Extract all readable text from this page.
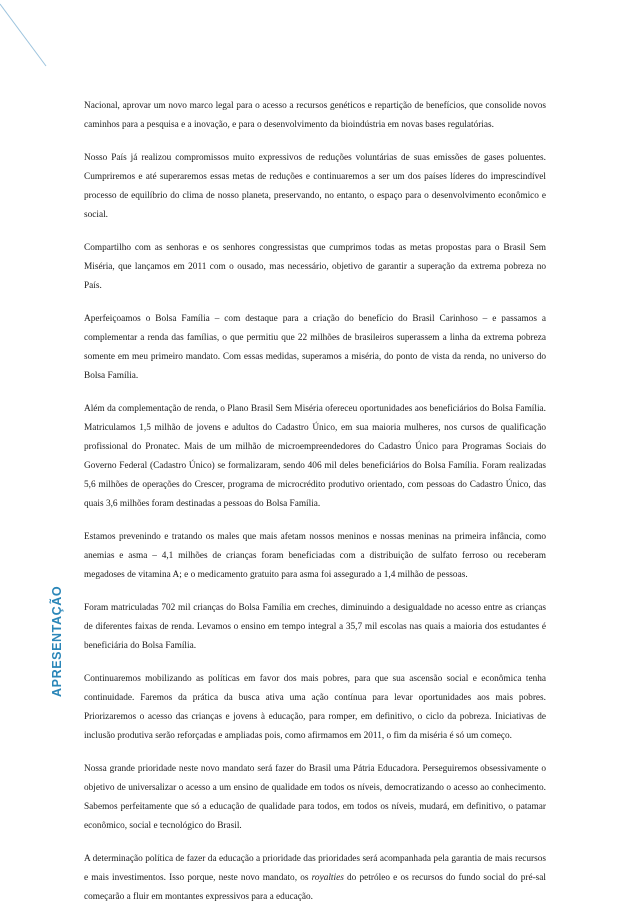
APRESENTAÇÃO

Nacional, aprovar um novo marco legal para o acesso a recursos genéticos e repartição de benefícios, que consolide novos caminhos para a pesquisa e a inovação, e para o desenvolvimento da bioindústria em novas bases regulatórias.

Nosso País já realizou compromissos muito expressivos de reduções voluntárias de suas emissões de gases poluentes. Cumpriremos e até superaremos essas metas de reduções e continuaremos a ser um dos países líderes do imprescindível processo de equilíbrio do clima de nosso planeta, preservando, no entanto, o espaço para o desenvolvimento econômico e social.

Compartilho com as senhoras e os senhores congressistas que cumprimos todas as metas propostas para o Brasil Sem Miséria, que lançamos em 2011 com o ousado, mas necessário, objetivo de garantir a superação da extrema pobreza no País.

Aperfeiçoamos o Bolsa Família – com destaque para a criação do benefício do Brasil Carinhoso – e passamos a complementar a renda das famílias, o que permitiu que 22 milhões de brasileiros superassem a linha da extrema pobreza somente em meu primeiro mandato. Com essas medidas, superamos a miséria, do ponto de vista da renda, no universo do Bolsa Família.

Além da complementação de renda, o Plano Brasil Sem Miséria ofereceu oportunidades aos beneficiários do Bolsa Família. Matriculamos 1,5 milhão de jovens e adultos do Cadastro Único, em sua maioria mulheres, nos cursos de qualificação profissional do Pronatec. Mais de um milhão de microempreendedores do Cadastro Único para Programas Sociais do Governo Federal (Cadastro Único) se formalizaram, sendo 406 mil deles beneficiários do Bolsa Família. Foram realizadas 5,6 milhões de operações do Crescer, programa de microcrédito produtivo orientado, com pessoas do Cadastro Único, das quais 3,6 milhões foram destinadas a pessoas do Bolsa Família.

Estamos prevenindo e tratando os males que mais afetam nossos meninos e nossas meninas na primeira infância, como anemias e asma – 4,1 milhões de crianças foram beneficiadas com a distribuição de sulfato ferroso ou receberam megadoses de vitamina A; e o medicamento gratuito para asma foi assegurado a 1,4 milhão de pessoas.

Foram matriculadas 702 mil crianças do Bolsa Família em creches, diminuindo a desigualdade no acesso entre as crianças de diferentes faixas de renda. Levamos o ensino em tempo integral a 35,7 mil escolas nas quais a maioria dos estudantes é beneficiária do Bolsa Família.

Continuaremos mobilizando as políticas em favor dos mais pobres, para que sua ascensão social e econômica tenha continuidade. Faremos da prática da busca ativa uma ação contínua para levar oportunidades aos mais pobres. Priorizaremos o acesso das crianças e jovens à educação, para romper, em definitivo, o ciclo da pobreza. Iniciativas de inclusão produtiva serão reforçadas e ampliadas pois, como afirmamos em 2011, o fim da miséria é só um começo.

Nossa grande prioridade neste novo mandato será fazer do Brasil uma Pátria Educadora. Perseguiremos obsessivamente o objetivo de universalizar o acesso a um ensino de qualidade em todos os níveis, democratizando o acesso ao conhecimento. Sabemos perfeitamente que só a educação de qualidade para todos, em todos os níveis, mudará, em definitivo, o patamar econômico, social e tecnológico do Brasil.

A determinação política de fazer da educação a prioridade das prioridades será acompanhada pela garantia de mais recursos e mais investimentos. Isso porque, neste novo mandato, os royalties do petróleo e os recursos do fundo social do pré-sal começarão a fluir em montantes expressivos para a educação.
